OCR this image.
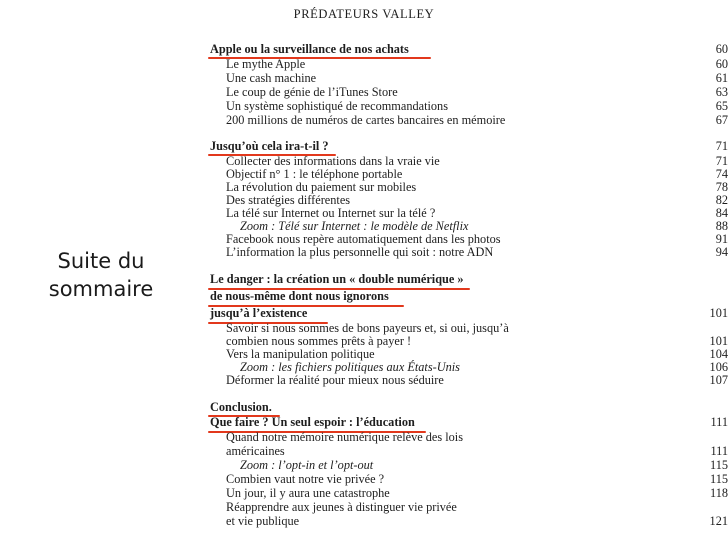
Suite du
sommaire
PRÉDATEURS VALLEY
Apple ou la surveillance de nos achats	60
Le mythe Apple	60
Une cash machine	61
Le coup de génie de l’iTunes Store	63
Un système sophistiqué de recommandations	65
200 millions de numéros de cartes bancaires en mémoire	67
Jusqu’où cela ira-t-il ?	71
Collecter des informations dans la vraie vie	71
Objectif n° 1 : le téléphone portable	74
La révolution du paiement sur mobiles	78
Des stratégies différentes	82
La télé sur Internet ou Internet sur la télé ?	84
Zoom : Télé sur Internet : le modèle de Netflix	88
Facebook nous repère automatiquement dans les photos	91
L’information la plus personnelle qui soit : notre ADN	94
Le danger : la création un « double numérique »
de nous-même dont nous ignorons
jusqu’à l’existence	101
Savoir si nous sommes de bons payeurs et, si oui, jusqu’à
combien nous sommes prêts à payer !	101
Vers la manipulation politique	104
Zoom : les fichiers politiques aux États-Unis	106
Déformer la réalité pour mieux nous séduire	107
Conclusion.
Que faire ? Un seul espoir : l’éducation	111
Quand notre mémoire numérique relève des lois
américaines	111
Zoom : l’opt-in et l’opt-out	115
Combien vaut notre vie privée ?	115
Un jour, il y aura une catastrophe	118
Réapprendre aux jeunes à distinguer vie privée
et vie publique	121
